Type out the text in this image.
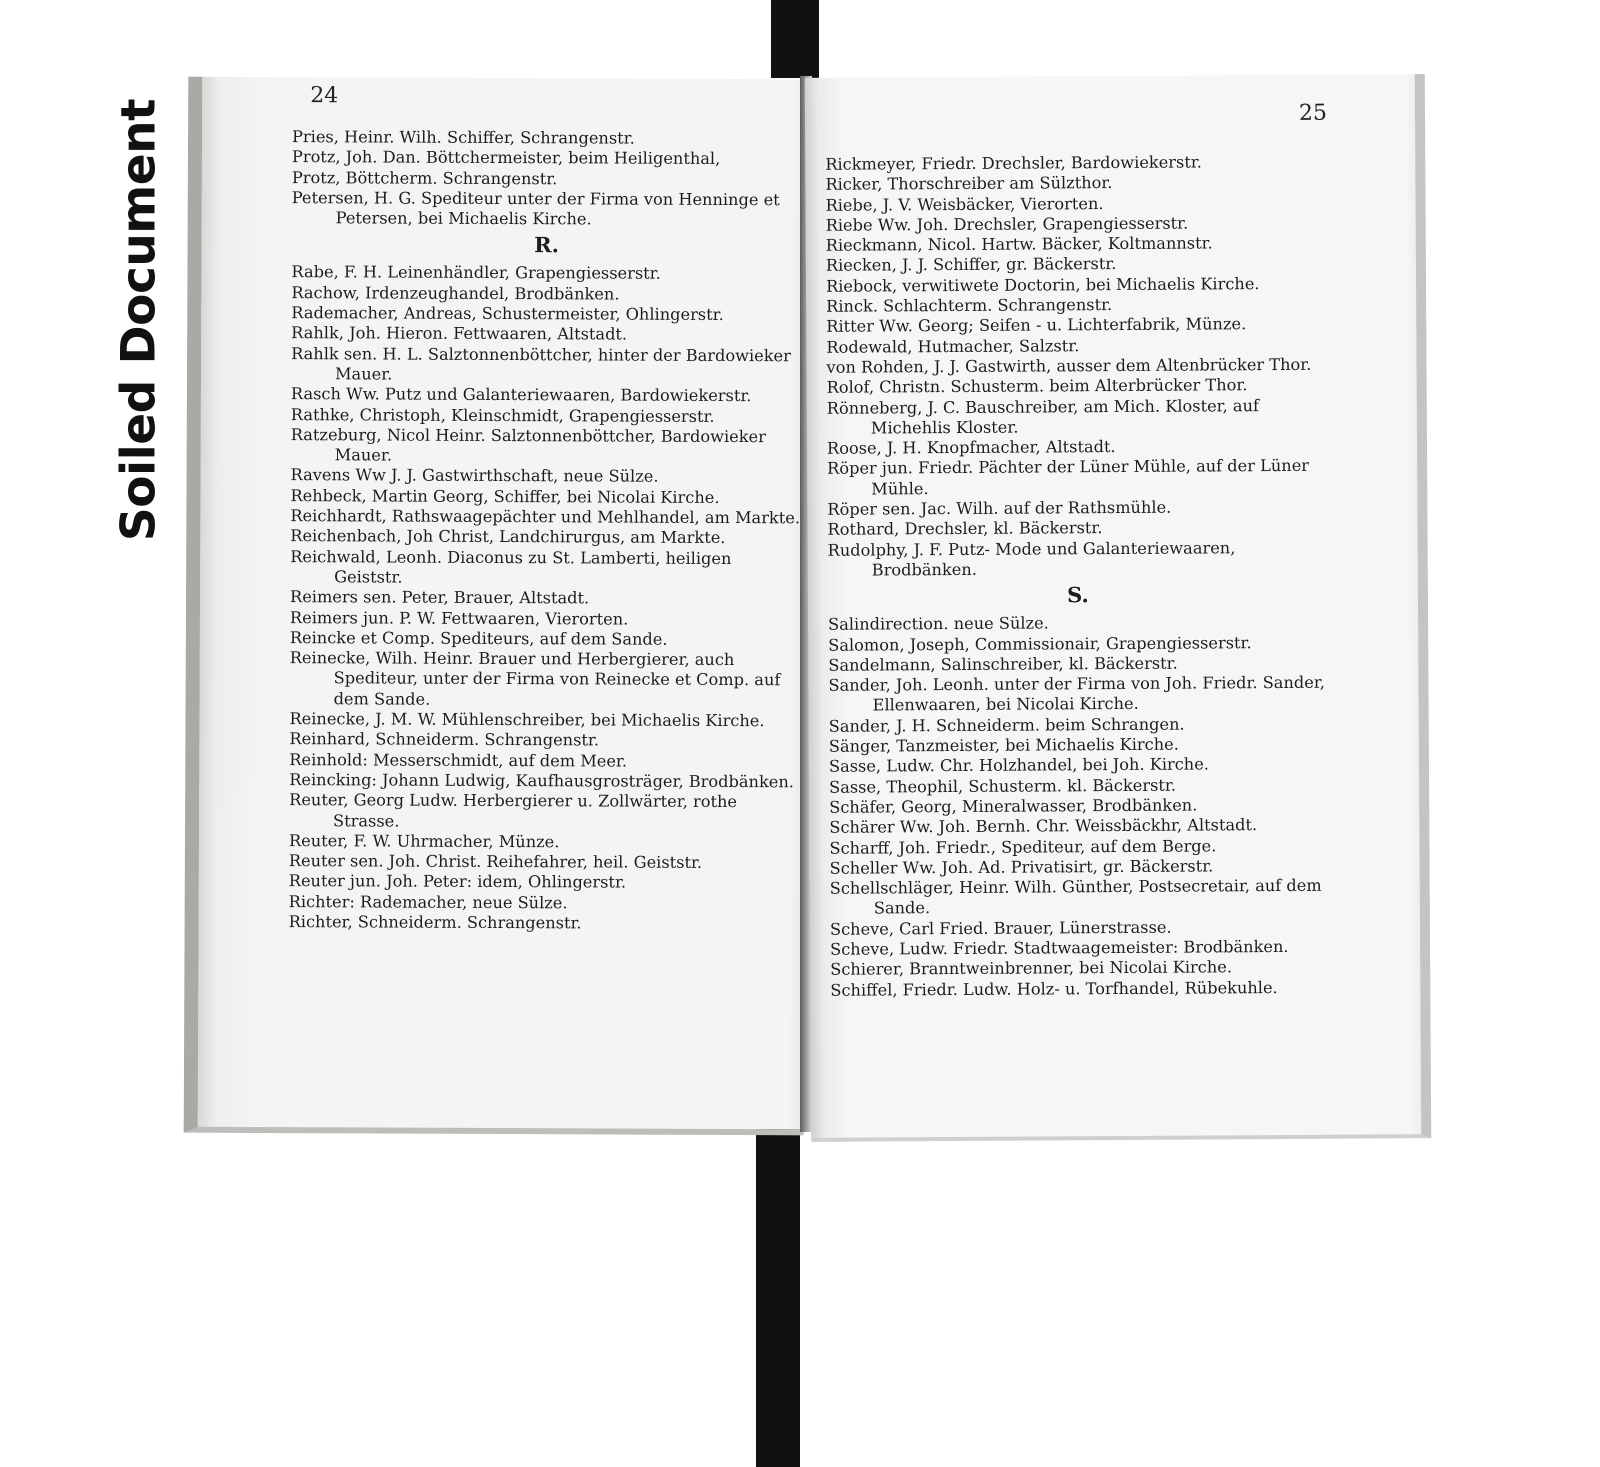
Soiled Document
24
Pries, Heinr. Wilh. Schiffer, Schrangenstr.
Protz, Joh. Dan. Böttchermeister, beim Heiligenthal,
Protz, Böttcherm. Schrangenstr.
Petersen, H. G. Spediteur unter der Firma von Henninge et Petersen, bei Michaelis Kirche.
R.
Rabe, F. H. Leinenhändler, Grapengiesserstr.
Rachow, Irdenzeughandel, Brodbänken.
Rademacher, Andreas, Schustermeister, Ohlingerstr.
Rahlk, Joh. Hieron. Fettwaaren, Altstadt.
Rahlk sen. H. L. Salztonnenböttcher, hinter der Bardowieker Mauer.
Rasch Ww. Putz und Galanteriewaaren, Bardowiekerstr.
Rathke, Christoph, Kleinschmidt, Grapengiesserstr.
Ratzeburg, Nicol Heinr. Salztonnenböttcher, Bardowieker Mauer.
Ravens Ww J. J. Gastwirthschaft, neue Sülze.
Rehbeck, Martin Georg, Schiffer, bei Nicolai Kirche.
Reichhardt, Rathswaagepächter und Mehlhandel, am Markte.
Reichenbach, Joh Christ, Landchirurgus, am Markte.
Reichwald, Leonh. Diaconus zu St. Lamberti, heiligen Geiststr.
Reimers sen. Peter, Brauer, Altstadt.
Reimers jun. P. W. Fettwaaren, Vierorten.
Reincke et Comp. Spediteurs, auf dem Sande.
Reinecke, Wilh. Heinr. Brauer und Herbergierer, auch Spediteur, unter der Firma von Reinecke et Comp. auf dem Sande.
Reinecke, J. M. W. Mühlenschreiber, bei Michaelis Kirche.
Reinhard, Schneiderm. Schrangenstr.
Reinhold: Messerschmidt, auf dem Meer.
Reincking: Johann Ludwig, Kaufhausgrosträger, Brodbänken.
Reuter, Georg Ludw. Herbergierer u. Zollwärter, rothe Strasse.
Reuter, F. W. Uhrmacher, Münze.
Reuter sen. Joh. Christ. Reihefahrer, heil. Geiststr.
Reuter jun. Joh. Peter: idem, Ohlingerstr.
Richter: Rademacher, neue Sülze.
Richter, Schneiderm. Schrangenstr.
25
Rickmeyer, Friedr. Drechsler, Bardowiekerstr.
Ricker, Thorschreiber am Sülzthor.
Riebe, J. V. Weisbäcker, Vierorten.
Riebe Ww. Joh. Drechsler, Grapengiesserstr.
Rieckmann, Nicol. Hartw. Bäcker, Koltmannstr.
Riecken, J. J. Schiffer, gr. Bäckerstr.
Riebock, verwitiwete Doctorin, bei Michaelis Kirche.
Rinck. Schlachterm. Schrangenstr.
Ritter Ww. Georg; Seifen - u. Lichterfabrik, Münze.
Rodewald, Hutmacher, Salzstr.
von Rohden, J. J. Gastwirth, ausser dem Altenbrücker Thor.
Rolof, Christn. Schusterm. beim Alterbrücker Thor.
Rönneberg, J. C. Bauschreiber, am Mich. Kloster, auf Michehlis Kloster.
Roose, J. H. Knopfmacher, Altstadt.
Röper jun. Friedr. Pächter der Lüner Mühle, auf der Lüner Mühle.
Röper sen. Jac. Wilh. auf der Rathsmühle.
Rothard, Drechsler, kl. Bäckerstr.
Rudolphy, J. F. Putz- Mode und Galanteriewaaren, Brodbänken.
S.
Salindirection. neue Sülze.
Salomon, Joseph, Commissionair, Grapengiesserstr.
Sandelmann, Salinschreiber, kl. Bäckerstr.
Sander, Joh. Leonh. unter der Firma von Joh. Friedr. Sander, Ellenwaaren, bei Nicolai Kirche.
Sander, J. H. Schneiderm. beim Schrangen.
Sänger, Tanzmeister, bei Michaelis Kirche.
Sasse, Ludw. Chr. Holzhandel, bei Joh. Kirche.
Sasse, Theophil, Schusterm. kl. Bäckerstr.
Schäfer, Georg, Mineralwasser, Brodbänken.
Schärer Ww. Joh. Bernh. Chr. Weissbäckhr, Altstadt.
Scharff, Joh. Friedr., Spediteur, auf dem Berge.
Scheller Ww. Joh. Ad. Privatisirt, gr. Bäckerstr.
Schellschläger, Heinr. Wilh. Günther, Postsecretair, auf dem Sande.
Scheve, Carl Fried. Brauer, Lünerstrasse.
Scheve, Ludw. Friedr. Stadtwaagemeister: Brodbänken.
Schierer, Branntweinbrenner, bei Nicolai Kirche.
Schiffel, Friedr. Ludw. Holz- u. Torfhandel, Rübekuhle.
